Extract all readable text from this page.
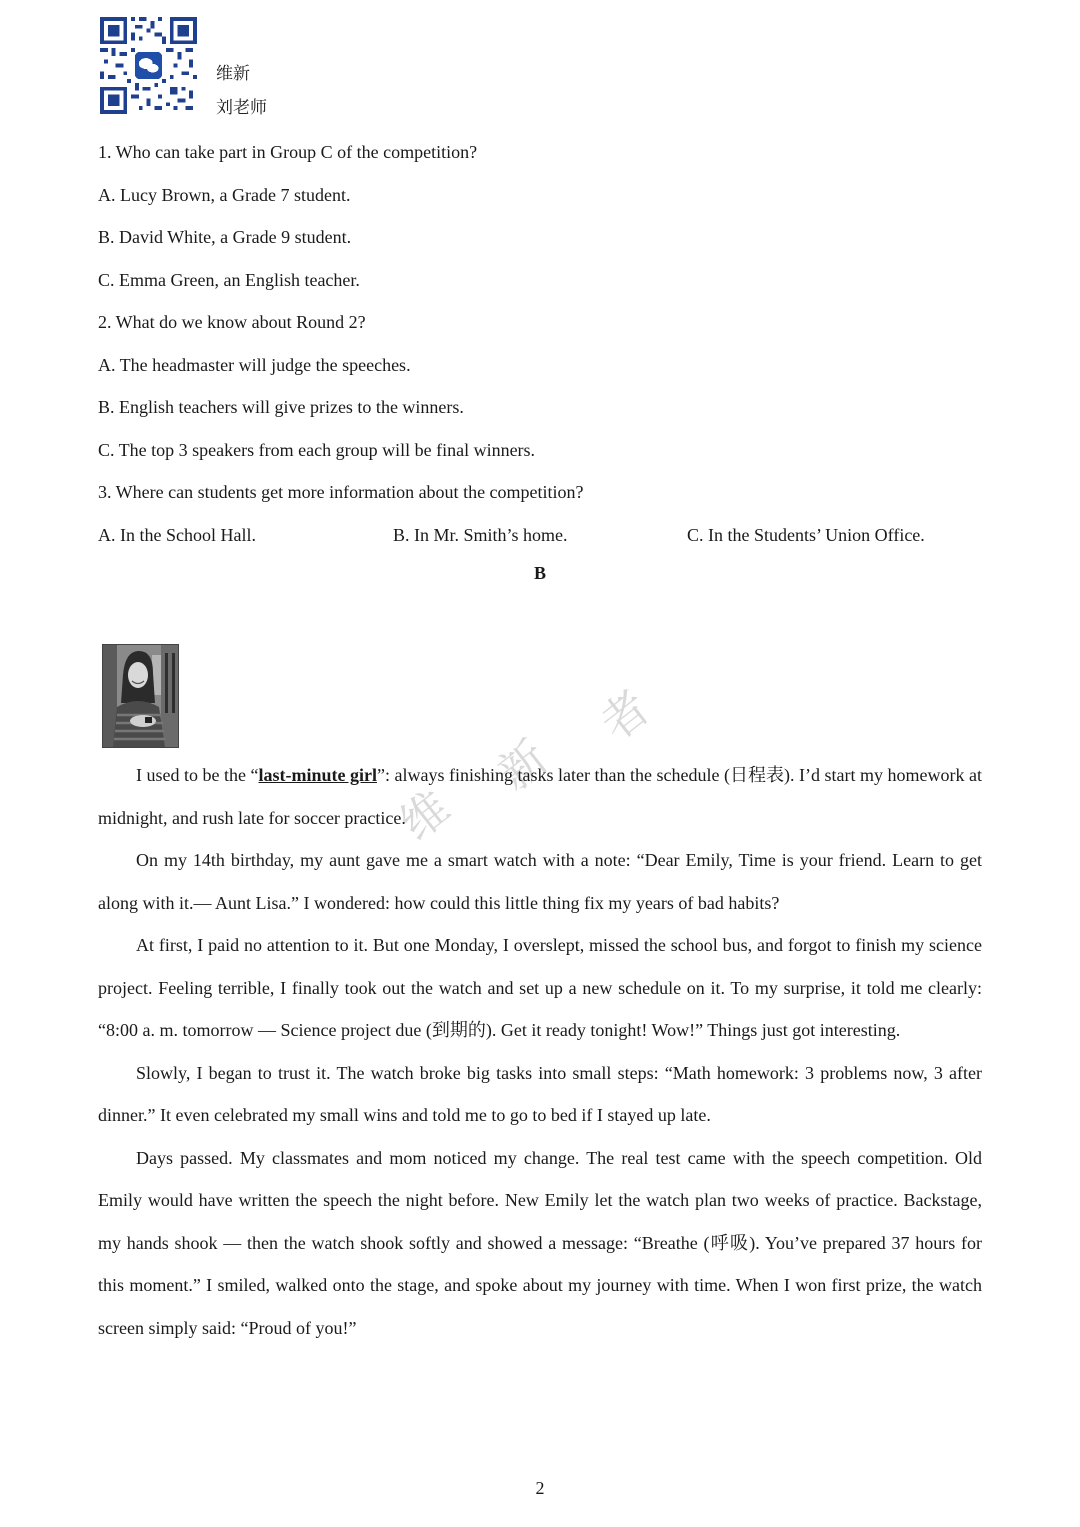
维新
刘老师
1. Who can take part in Group C of the competition?
A. Lucy Brown, a Grade 7 student.
B. David White, a Grade 9 student.
C. Emma Green, an English teacher.
2. What do we know about Round 2?
A. The headmaster will judge the speeches.
B. English teachers will give prizes to the winners.
C. The top 3 speakers from each group will be final winners.
3. Where can students get more information about the competition?
A. In the School Hall.	B. In Mr. Smith’s home.	C. In the Students’ Union Office.
B
维
新
者

I used to be the “last-minute girl”: always finishing tasks later than the schedule (日程表). I’d start my homework at midnight, and rush late for soccer practice.

On my 14th birthday, my aunt gave me a smart watch with a note: “Dear Emily, Time is your friend. Learn to get along with it.— Aunt Lisa.” I wondered: how could this little thing fix my years of bad habits?

At first, I paid no attention to it. But one Monday, I overslept, missed the school bus, and forgot to finish my science project. Feeling terrible, I finally took out the watch and set up a new schedule on it. To my surprise, it told me clearly: “8:00 a. m. tomorrow — Science project due (到期的). Get it ready tonight! Wow!” Things just got interesting.

Slowly, I began to trust it. The watch broke big tasks into small steps: “Math homework: 3 problems now, 3 after dinner.” It even celebrated my small wins and told me to go to bed if I stayed up late.

Days passed. My classmates and mom noticed my change. The real test came with the speech competition. Old Emily would have written the speech the night before. New Emily let the watch plan two weeks of practice. Backstage, my hands shook — then the watch shook softly and showed a message: “Breathe (呼吸). You’ve prepared 37 hours for this moment.” I smiled, walked onto the stage, and spoke about my journey with time. When I won first prize, the watch screen simply said: “Proud of you!”

2
